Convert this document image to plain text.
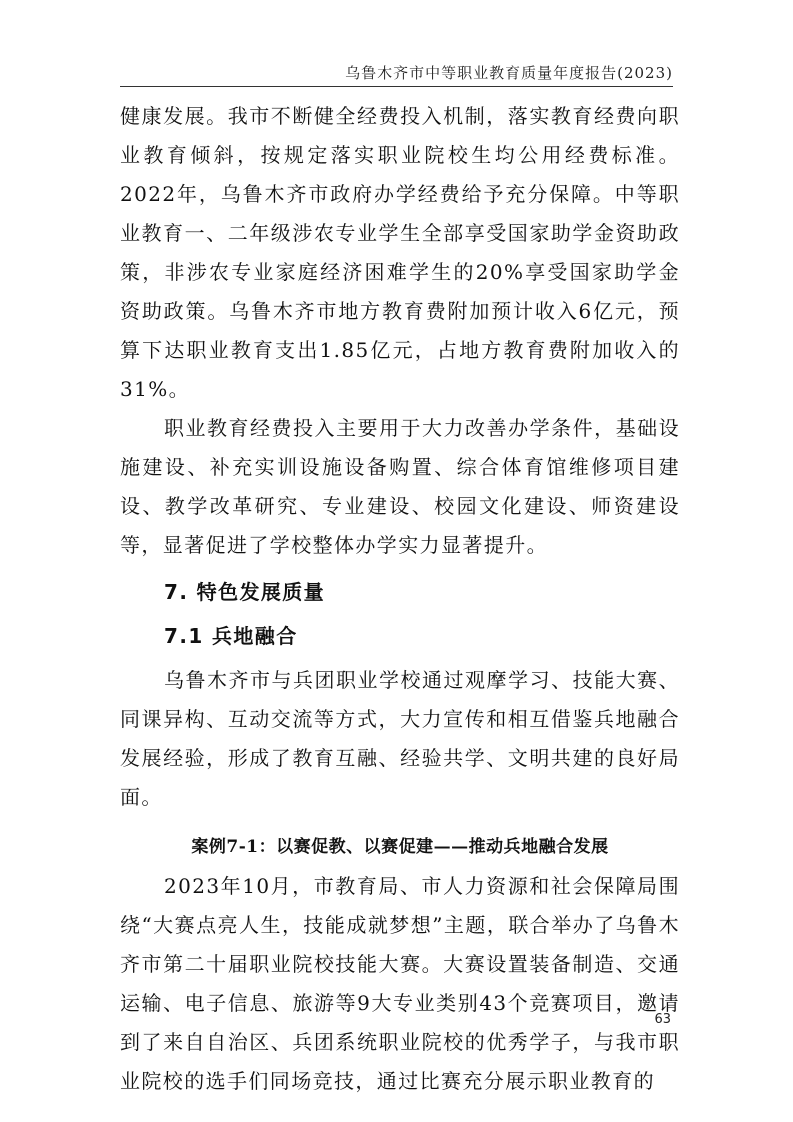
乌鲁木齐市中等职业教育质量年度报告(2023)

健康发展。我市不断健全经费投入机制，落实教育经费向职业教育倾斜，按规定落实职业院校生均公用经费标准。2022年，乌鲁木齐市政府办学经费给予充分保障。中等职业教育一、二年级涉农专业学生全部享受国家助学金资助政策，非涉农专业家庭经济困难学生的20%享受国家助学金资助政策。乌鲁木齐市地方教育费附加预计收入6亿元，预算下达职业教育支出1.85亿元，占地方教育费附加收入的31%。

职业教育经费投入主要用于大力改善办学条件，基础设施建设、补充实训设施设备购置、综合体育馆维修项目建设、教学改革研究、专业建设、校园文化建设、师资建设等，显著促进了学校整体办学实力显著提升。

7. 特色发展质量
7.1 兵地融合

乌鲁木齐市与兵团职业学校通过观摩学习、技能大赛、同课异构、互动交流等方式，大力宣传和相互借鉴兵地融合发展经验，形成了教育互融、经验共学、文明共建的良好局面。

案例7-1：以赛促教、以赛促建——推动兵地融合发展

2023年10月，市教育局、市人力资源和社会保障局围绕“大赛点亮人生，技能成就梦想”主题，联合举办了乌鲁木齐市第二十届职业院校技能大赛。大赛设置装备制造、交通运输、电子信息、旅游等9大专业类别43个竞赛项目，邀请到了来自自治区、兵团系统职业院校的优秀学子，与我市职业院校的选手们同场竞技，通过比赛充分展示职业教育的

63
